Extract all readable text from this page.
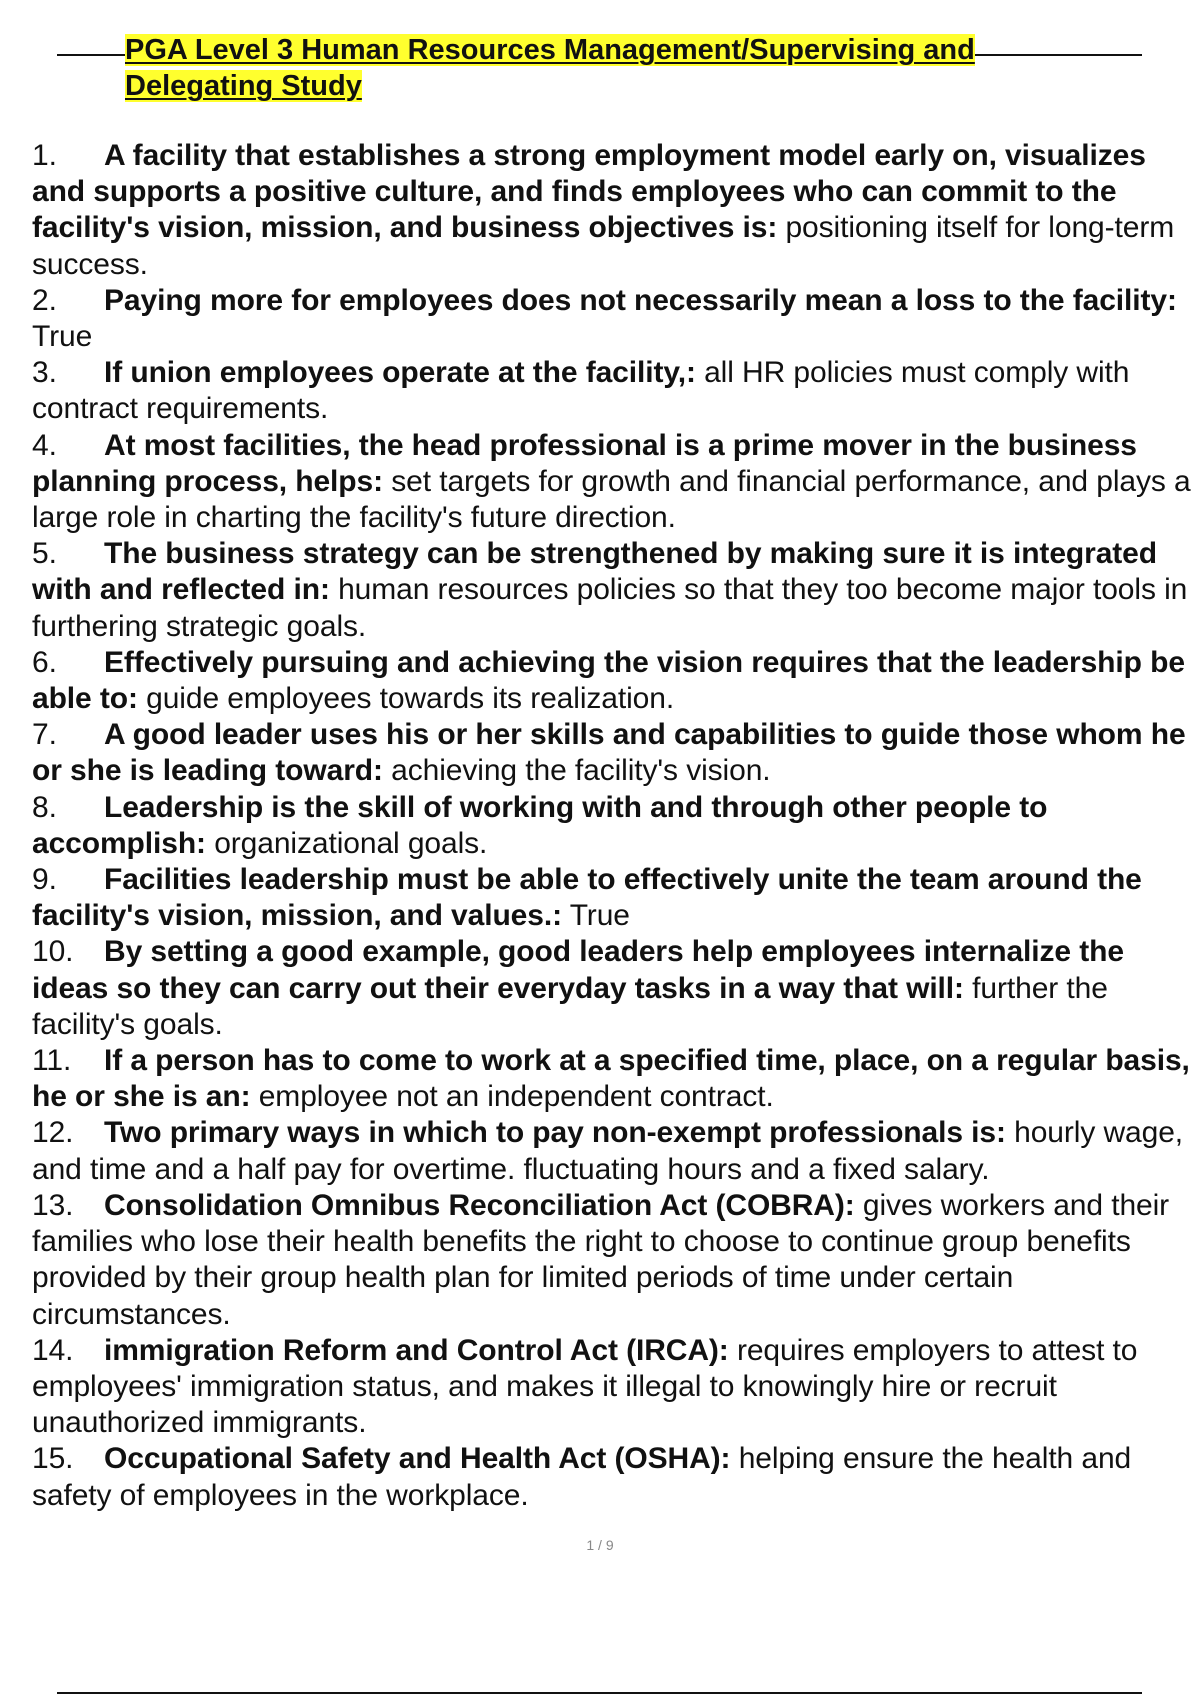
PGA Level 3 Human Resources Management/Supervising and Delegating Study
1. A facility that establishes a strong employment model early on, visualizes and supports a positive culture, and finds employees who can commit to the facility's vision, mission, and business objectives is: positioning itself for long-term success.
2. Paying more for employees does not necessarily mean a loss to the facility: True
3. If union employees operate at the facility,: all HR policies must comply with contract requirements.
4. At most facilities, the head professional is a prime mover in the business planning process, helps: set targets for growth and financial performance, and plays a large role in charting the facility's future direction.
5. The business strategy can be strengthened by making sure it is integrated with and reflected in: human resources policies so that they too become major tools in furthering strategic goals.
6. Effectively pursuing and achieving the vision requires that the leadership be able to: guide employees towards its realization.
7. A good leader uses his or her skills and capabilities to guide those whom he or she is leading toward: achieving the facility's vision.
8. Leadership is the skill of working with and through other people to accomplish: organizational goals.
9. Facilities leadership must be able to effectively unite the team around the facility's vision, mission, and values.: True
10. By setting a good example, good leaders help employees internalize the ideas so they can carry out their everyday tasks in a way that will: further the facility's goals.
11. If a person has to come to work at a specified time, place, on a regular basis, he or she is an: employee not an independent contract.
12. Two primary ways in which to pay non-exempt professionals is: hourly wage, and time and a half pay for overtime. fluctuating hours and a fixed salary.
13. Consolidation Omnibus Reconciliation Act (COBRA): gives workers and their families who lose their health benefits the right to choose to continue group benefits provided by their group health plan for limited periods of time under certain circumstances.
14. immigration Reform and Control Act (IRCA): requires employers to attest to employees' immigration status, and makes it illegal to knowingly hire or recruit unauthorized immigrants.
15. Occupational Safety and Health Act (OSHA): helping ensure the health and safety of employees in the workplace.
1 / 9
